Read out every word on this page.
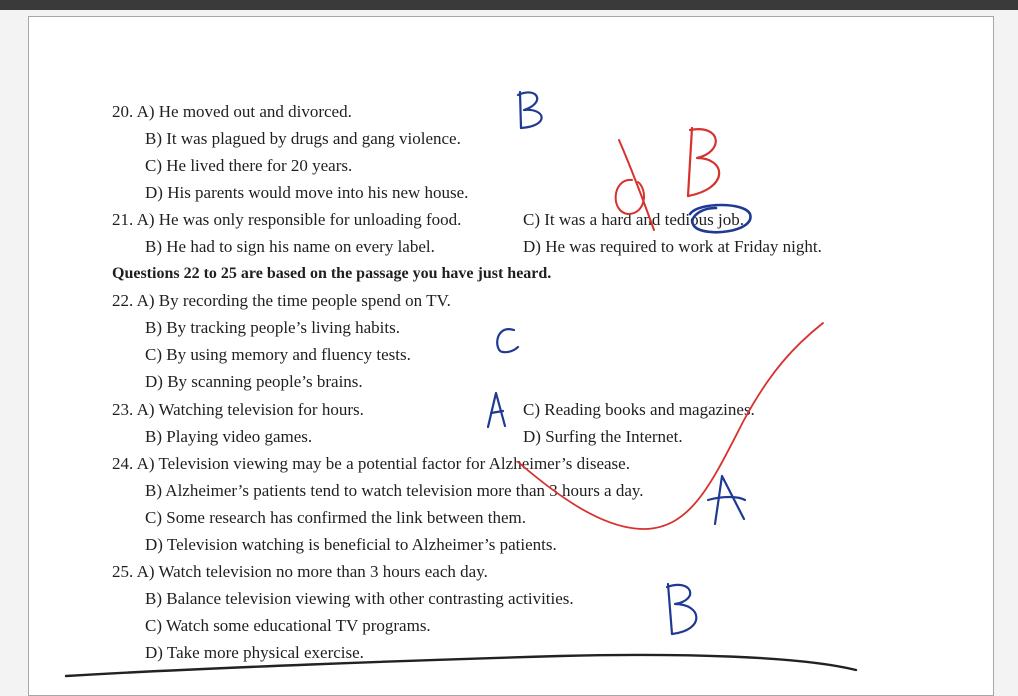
20. A) He moved out and divorced.
B) It was plagued by drugs and gang violence.
C) He lived there for 20 years.
D) His parents would move into his new house.
21. A) He was only responsible for unloading food.	C) It was a hard and tedious job.
B) He had to sign his name on every label.	D) He was required to work at Friday night.
Questions 22 to 25 are based on the passage you have just heard.
22. A) By recording the time people spend on TV.
B) By tracking people’s living habits.
C) By using memory and fluency tests.
D) By scanning people’s brains.
23. A) Watching television for hours.	C) Reading books and magazines.
B) Playing video games.	D) Surfing the Internet.
24. A) Television viewing may be a potential factor for Alzheimer’s disease.
B) Alzheimer’s patients tend to watch television more than 3 hours a day.
C) Some research has confirmed the link between them.
D) Television watching is beneficial to Alzheimer’s patients.
25. A) Watch television no more than 3 hours each day.
B) Balance television viewing with other contrasting activities.
C) Watch some educational TV programs.
D) Take more physical exercise.
